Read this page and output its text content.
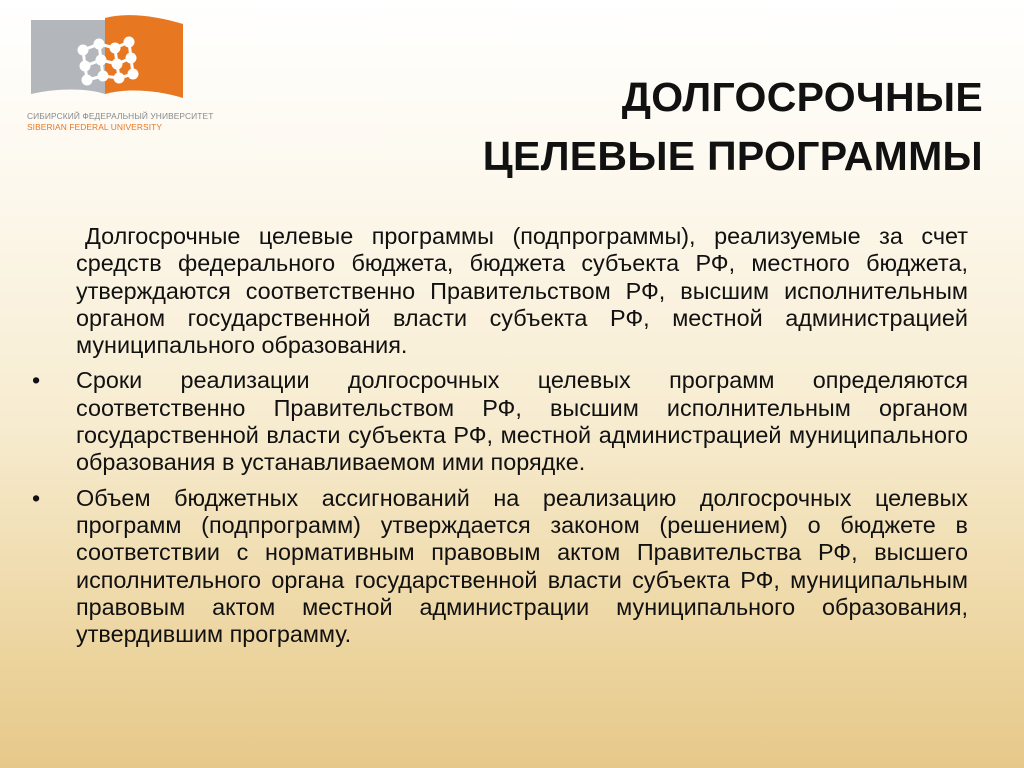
СИБИРСКИЙ ФЕДЕРАЛЬНЫЙ УНИВЕРСИТЕТ
SIBERIAN FEDERAL UNIVERSITY
ДОЛГОСРОЧНЫЕ
ЦЕЛЕВЫЕ ПРОГРАММЫ

Долгосрочные целевые программы (подпрограммы), реализуемые за счет средств федерального бюджета, бюджета субъекта РФ, местного бюджета, утверждаются соответственно Правительством РФ, высшим исполнительным органом государственной власти субъекта РФ, местной администрацией муниципального образования.

• Сроки реализации долгосрочных целевых программ определяются соответственно Правительством РФ, высшим исполнительным органом государственной власти субъекта РФ, местной администрацией муниципального образования в устанавливаемом ими порядке.

• Объем бюджетных ассигнований на реализацию долгосрочных целевых программ (подпрограмм) утверждается законом (решением) о бюджете в соответствии с нормативным правовым актом Правительства РФ, высшего исполнительного органа государственной власти субъекта РФ, муниципальным правовым актом местной администрации муниципального образования, утвердившим программу.
